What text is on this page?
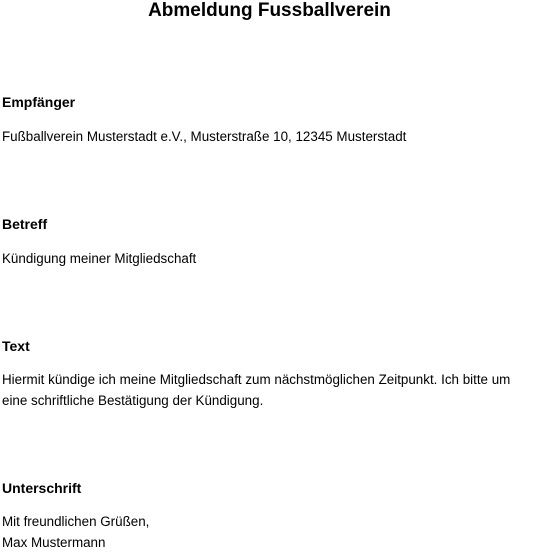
Abmeldung Fussballverein
Empfänger

Fußballverein Musterstadt e.V., Musterstraße 10, 12345 Musterstadt

Betreff

Kündigung meiner Mitgliedschaft

Text

Hiermit kündige ich meine Mitgliedschaft zum nächstmöglichen Zeitpunkt. Ich bitte um eine schriftliche Bestätigung der Kündigung.

Unterschrift

Mit freundlichen Grüßen,
Max Mustermann
